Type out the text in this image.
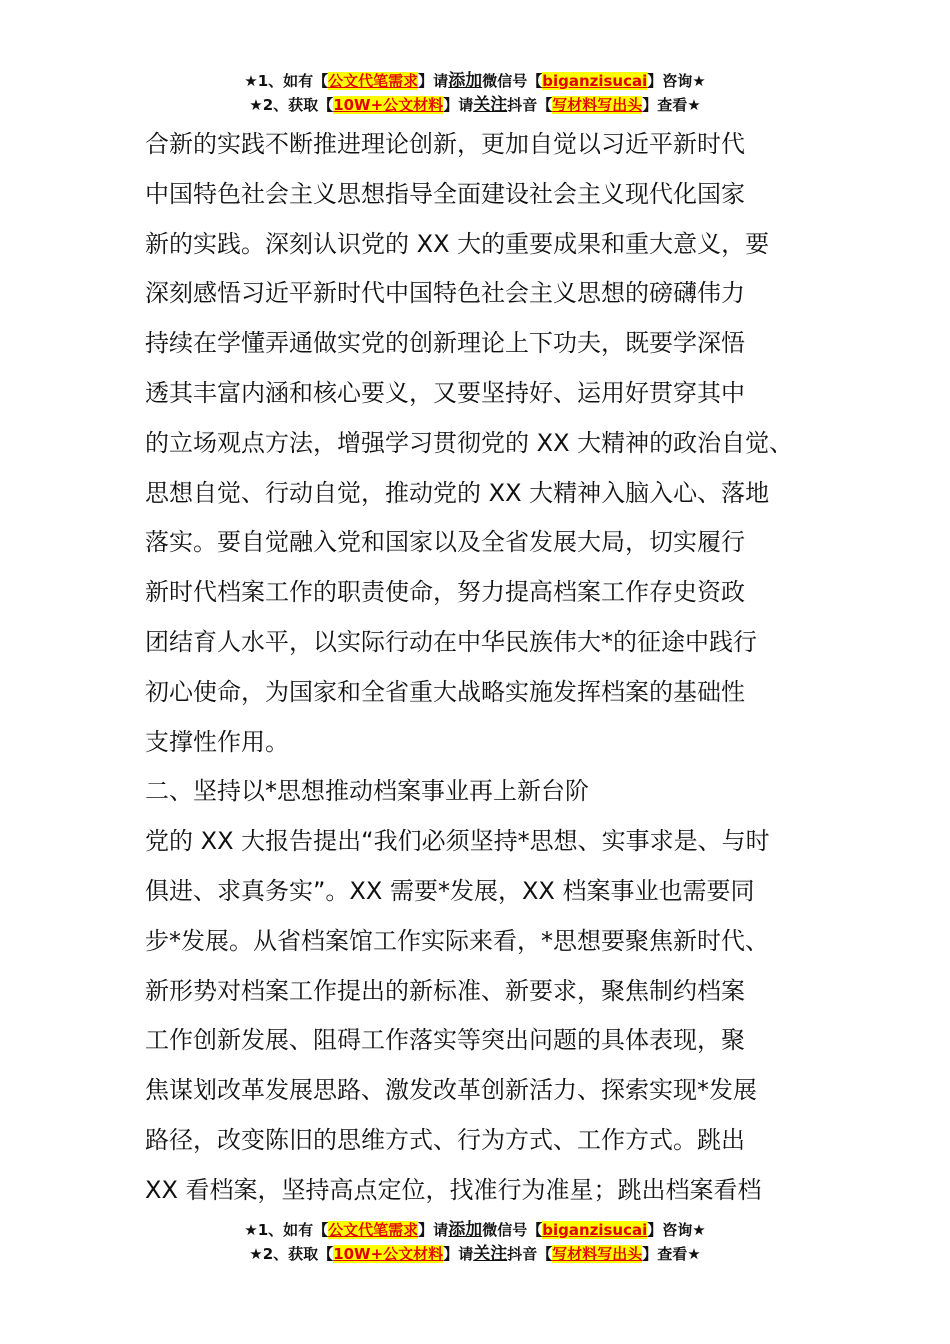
★1、如有【公文代笔需求】请添加微信号【biganzisucai】咨询★
★2、获取【10W+公文材料】请关注抖音【写材料写出头】查看★
合新的实践不断推进理论创新，更加自觉以习近平新时代
中国特色社会主义思想指导全面建设社会主义现代化国家
新的实践。深刻认识党的 XX 大的重要成果和重大意义，要
深刻感悟习近平新时代中国特色社会主义思想的磅礴伟力
持续在学懂弄通做实党的创新理论上下功夫，既要学深悟
透其丰富内涵和核心要义，又要坚持好、运用好贯穿其中
的立场观点方法，增强学习贯彻党的 XX 大精神的政治自觉、
思想自觉、行动自觉，推动党的 XX 大精神入脑入心、落地
落实。要自觉融入党和国家以及全省发展大局，切实履行
新时代档案工作的职责使命，努力提高档案工作存史资政
团结育人水平，以实际行动在中华民族伟大*的征途中践行
初心使命，为国家和全省重大战略实施发挥档案的基础性
支撑性作用。
二、坚持以*思想推动档案事业再上新台阶
党的 XX 大报告提出“我们必须坚持*思想、实事求是、与时
俱进、求真务实”。XX 需要*发展，XX 档案事业也需要同
步*发展。从省档案馆工作实际来看，*思想要聚焦新时代、
新形势对档案工作提出的新标准、新要求，聚焦制约档案
工作创新发展、阻碍工作落实等突出问题的具体表现，聚
焦谋划改革发展思路、激发改革创新活力、探索实现*发展
路径，改变陈旧的思维方式、行为方式、工作方式。跳出
XX 看档案，坚持高点定位，找准行为准星；跳出档案看档
★1、如有【公文代笔需求】请添加微信号【biganzisucai】咨询★
★2、获取【10W+公文材料】请关注抖音【写材料写出头】查看★
